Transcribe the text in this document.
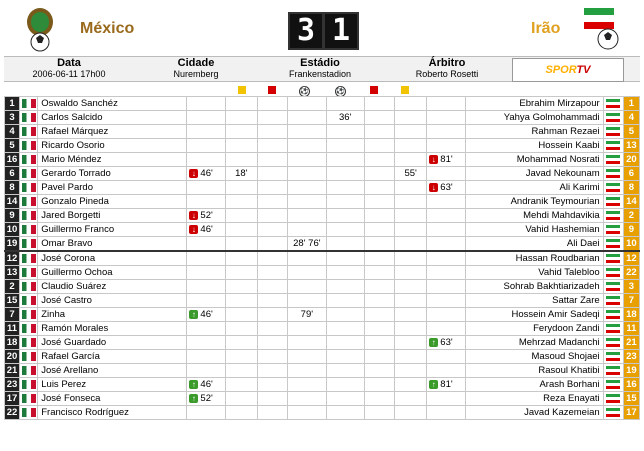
México	3 1	Irão
Data
2006-06-11 17h00
Cidade
Nuremberg
Estádio
Frankenstadion
Árbitro
Roberto Rosetti	SPORTV
⚽	⚽
1		Oswaldo Sanchéz									Ebrahim Mirzapour		1
3		Carlos Salcido					36'				Yahya Golmohammadi		4
4		Rafael Márquez									Rahman Rezaei		5
5		Ricardo Osorio									Hossein Kaabi		13
16		Mario Méndez								↓ 81'	Mohammad Nosrati		20
6		Gerardo Torrado	↓ 46'	18'					55'		Javad Nekounam		6
8		Pavel Pardo								↓ 63'	Ali Karimi		8
14		Gonzalo Pineda									Andranik Teymourian		14
9		Jared Borgetti	↓ 52'								Mehdi Mahdavikia		2
10		Guillermo Franco	↓ 46'								Vahid Hashemian		9
19		Omar Bravo				28' 76'					Ali Daei		10
12		José Corona									Hassan Roudbarian		12
13		Guillermo Ochoa									Vahid Talebloo		22
2		Claudio Suárez									Sohrab Bakhtiarizadeh		3
15		José Castro									Sattar Zare		7
7		Zinha	↑ 46'			79'					Hossein Amir Sadeqi		18
11		Ramón Morales									Ferydoon Zandi		11
18		José Guardado								↑ 63'	Mehrzad Madanchi		21
20		Rafael García									Masoud Shojaei		23
21		José Arellano									Rasoul Khatibi		19
23		Luis Perez	↑ 46'							↑ 81'	Arash Borhani		16
17		José Fonseca	↑ 52'								Reza Enayati		15
22		Francisco Rodríguez									Javad Kazemeian		17
